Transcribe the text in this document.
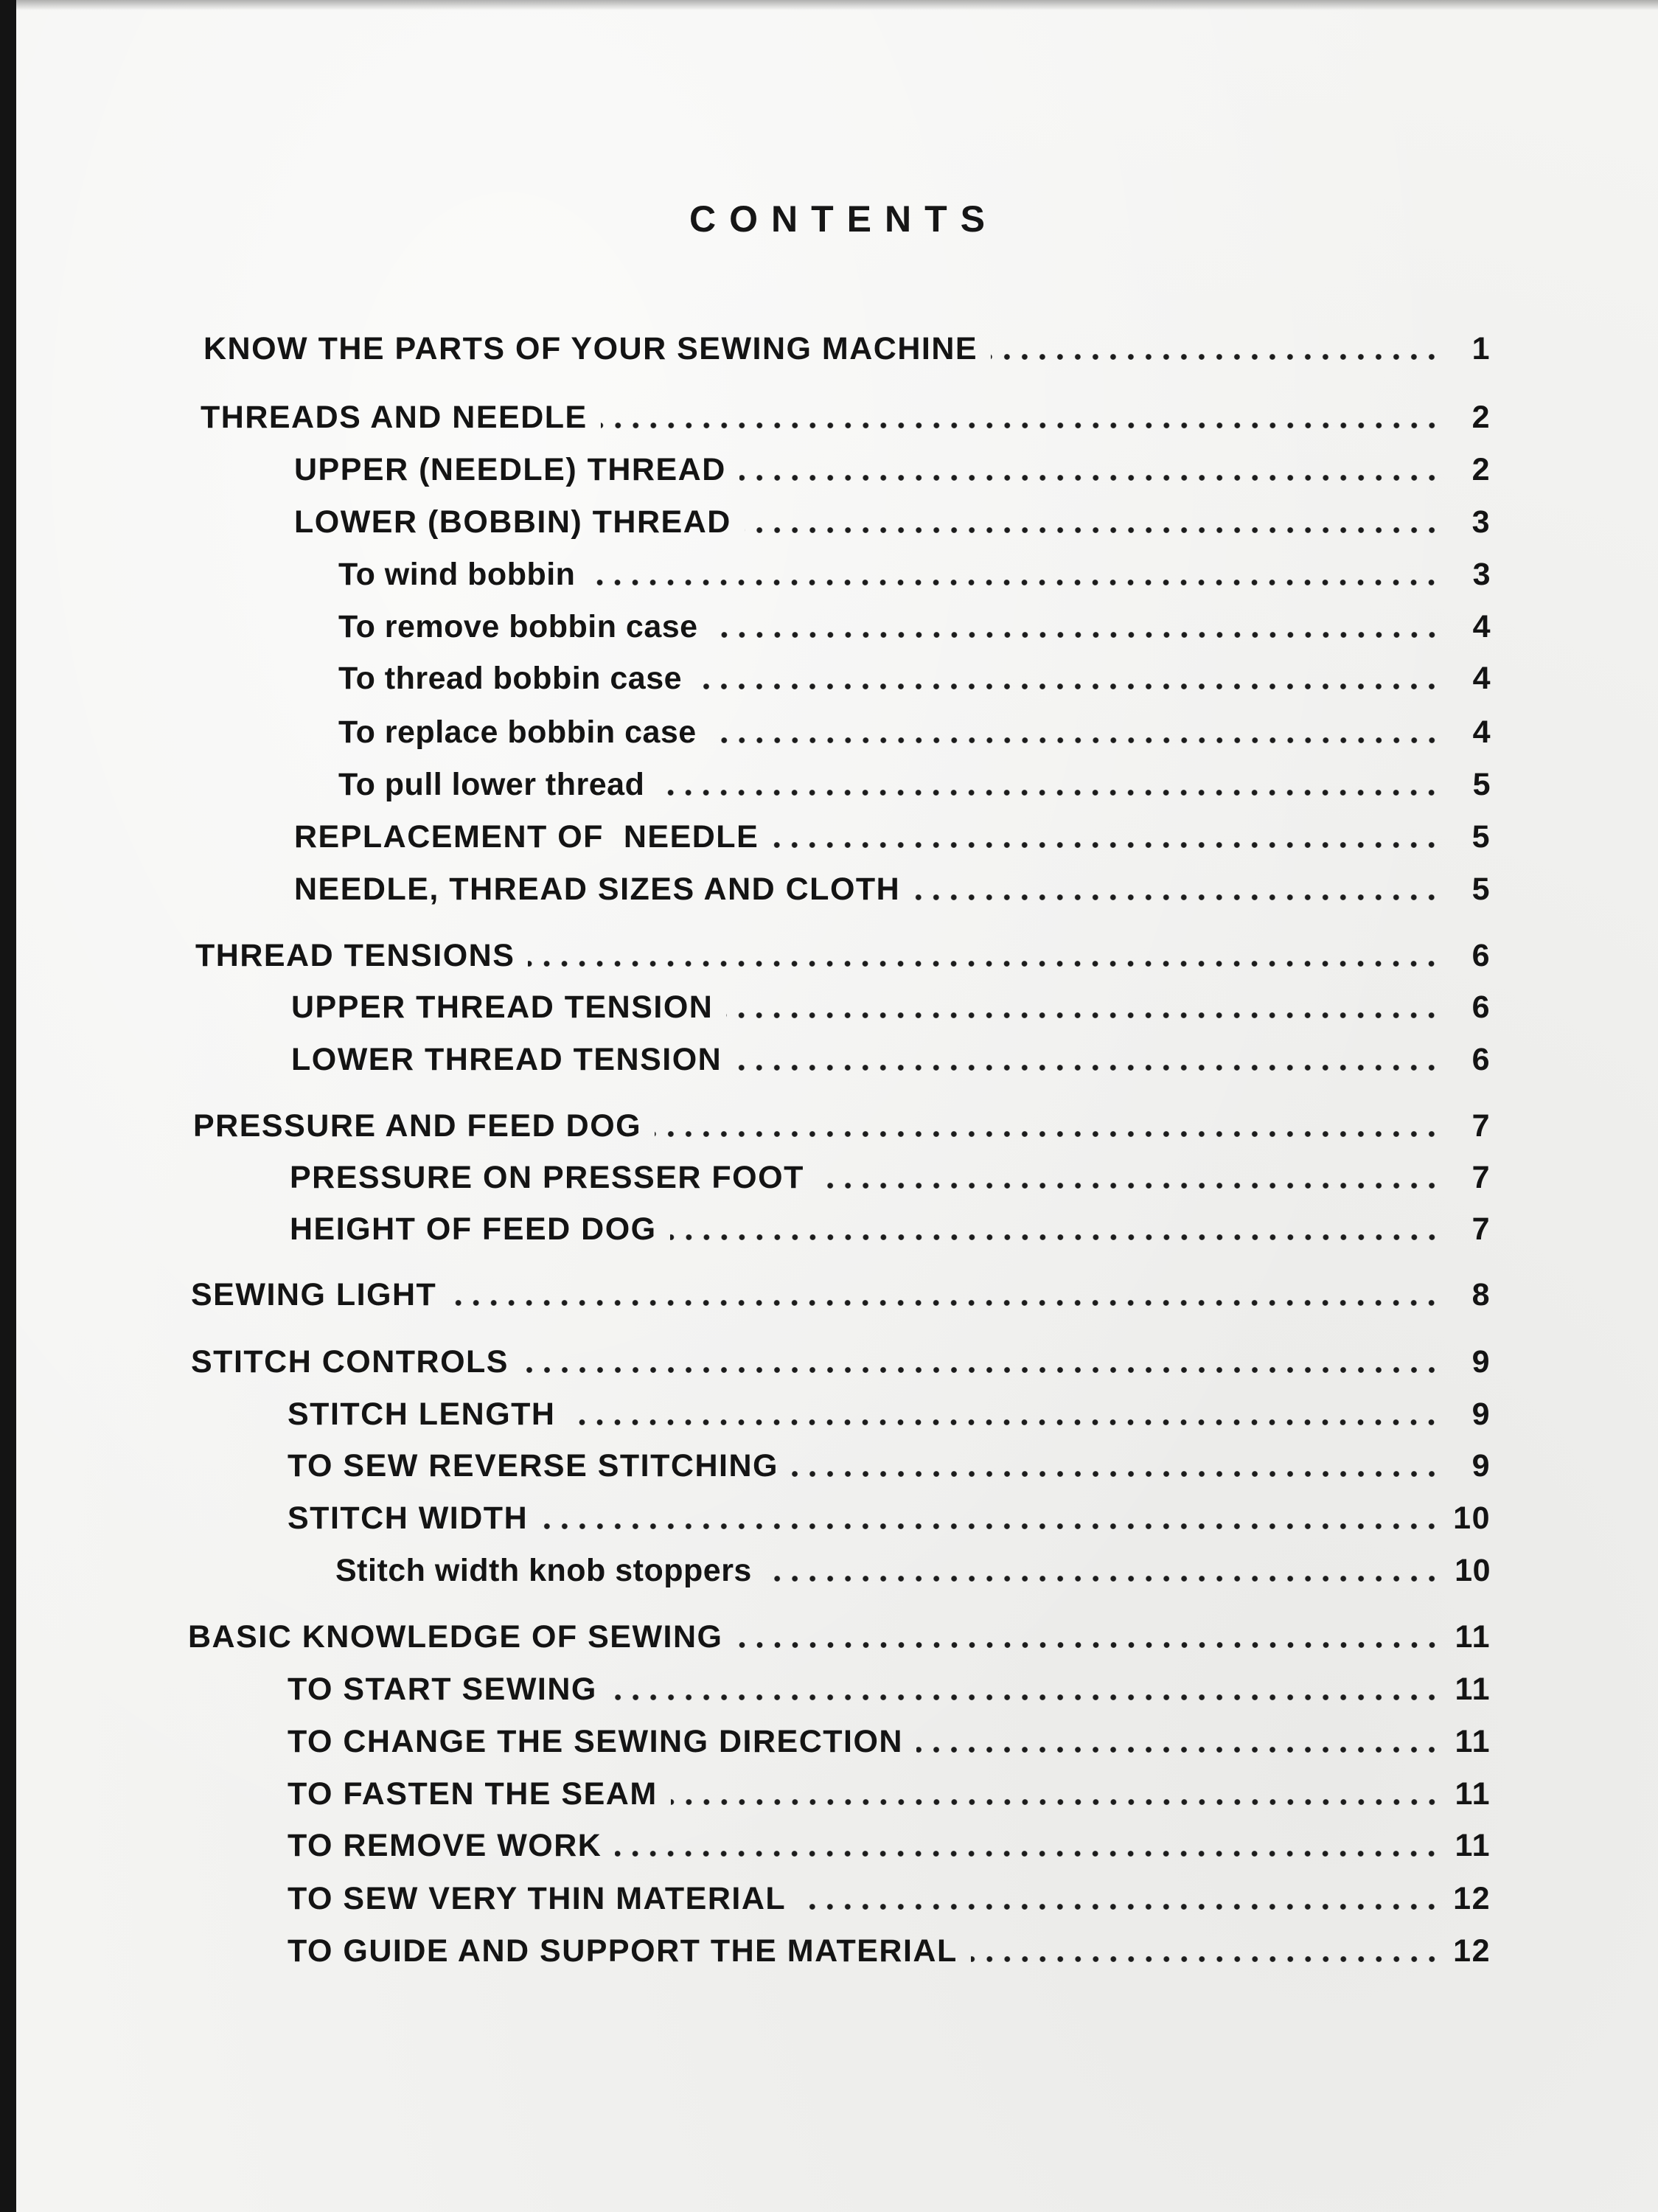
CONTENTS
KNOW THE PARTS OF YOUR SEWING MACHINE	1
THREADS AND NEEDLE	2
UPPER (NEEDLE) THREAD	2
LOWER (BOBBIN) THREAD	3
To wind bobbin	3
To remove bobbin case	4
To thread bobbin case	4
To replace bobbin case	4
To pull lower thread	5
REPLACEMENT OF  NEEDLE	5
NEEDLE, THREAD SIZES AND CLOTH	5
THREAD TENSIONS	6
UPPER THREAD TENSION	6
LOWER THREAD TENSION	6
PRESSURE AND FEED DOG	7
PRESSURE ON PRESSER FOOT	7
HEIGHT OF FEED DOG	7
SEWING LIGHT	8
STITCH CONTROLS	9
STITCH LENGTH	9
TO SEW REVERSE STITCHING	9
STITCH WIDTH	10
Stitch width knob stoppers	10
BASIC KNOWLEDGE OF SEWING	11
TO START SEWING	11
TO CHANGE THE SEWING DIRECTION	11
TO FASTEN THE SEAM	11
TO REMOVE WORK	11
TO SEW VERY THIN MATERIAL	12
TO GUIDE AND SUPPORT THE MATERIAL	12
